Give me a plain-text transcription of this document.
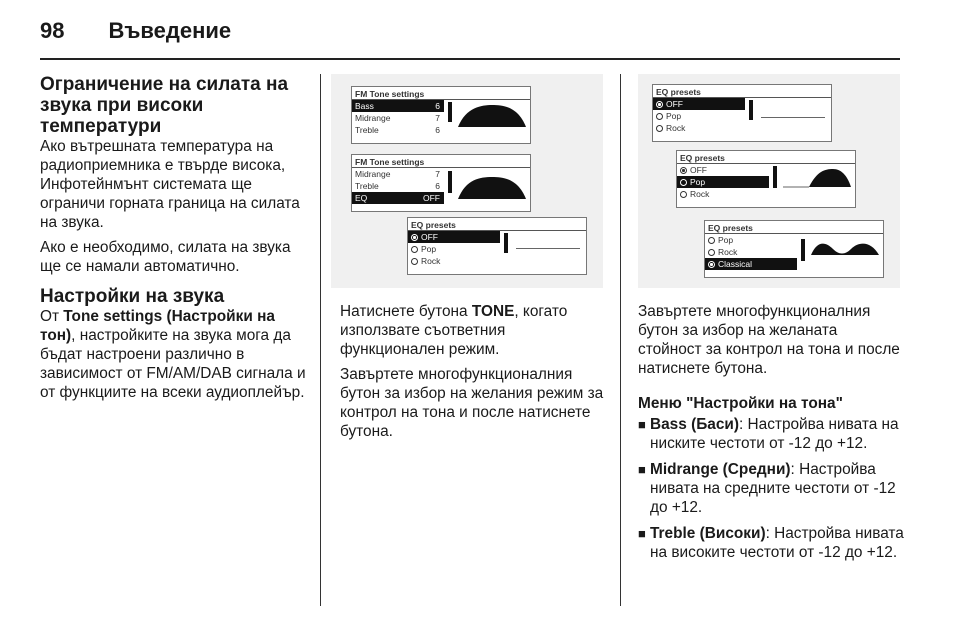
98 Въведение
Ограничение на силата на звука при високи температури

Ако вътрешната температура на радиоприемника е твърде висока, Инфотейнмънт системата ще ограничи горната граница на силата на звука.

Ако е необходимо, силата на звука ще се намали автоматично.

Настройки на звука

От Tone settings (Настройки на тон), настройките на звука мога да бъдат настроени различно в зависимост от FM/AM/DAB сигнала и от функциите на всеки аудиоплейър.

FM Tone settings
Bass	6
Midrange	7
Treble	6
FM Tone settings
Midrange	7
Treble	6
EQ	OFF
EQ presets
OFF
Pop
Rock

Натиснете бутона TONE, когато използвате съответния функционален режим.

Завъртете многофункционалния бутон за избор на желания режим за контрол на тона и после натиснете бутона.

EQ presets
OFF
Pop
Rock
EQ presets
OFF
Pop
Rock
EQ presets
Pop
Rock
Classical

Завъртете многофункционалния бутон за избор на желаната стойност за контрол на тона и после натиснете бутона.

Меню "Настройки на тона"

■ Bass (Баси): Настройва нивата на ниските честоти от -12 до +12.
■ Midrange (Средни): Настройва нивата на средните честоти от -12 до +12.
■ Treble (Високи): Настройва нивата на високите честоти от -12 до +12.
